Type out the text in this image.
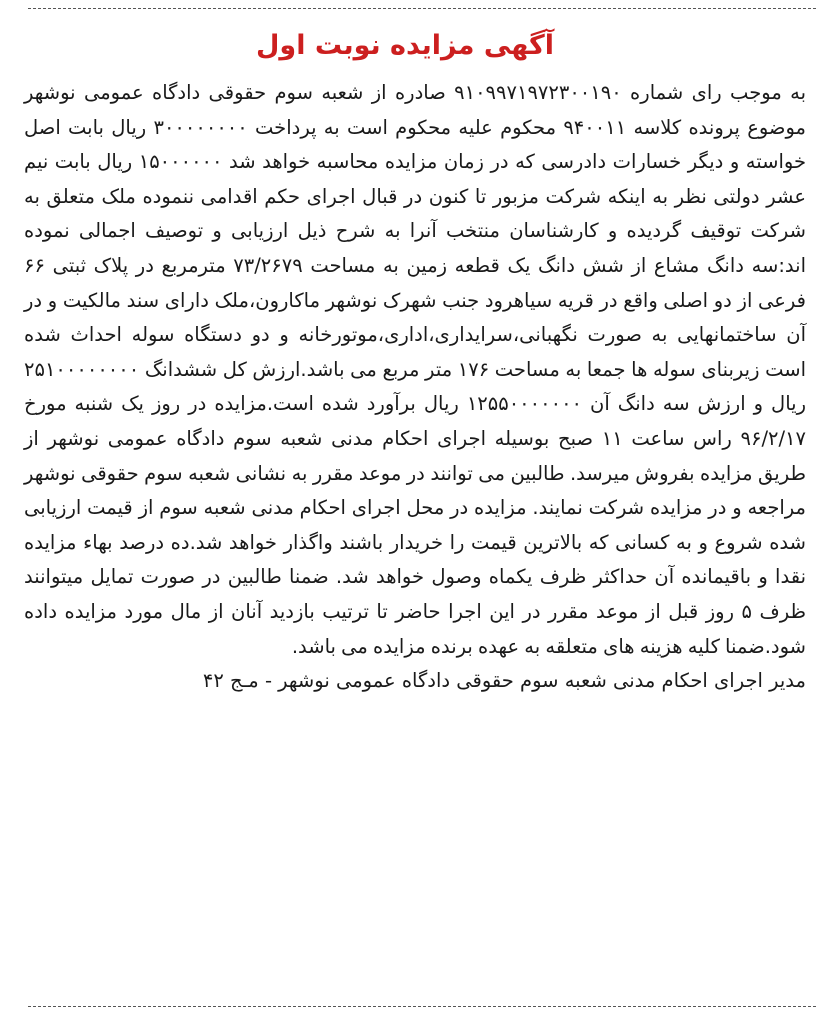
آگهی مزایده نوبت اول

به موجب رای شماره ۹۱۰۹۹۷۱۹۷۲۳۰۰۱۹۰ صادره از شعبه سوم حقوقی دادگاه عمومی نوشهر موضوع پرونده کلاسه ۹۴۰۰۱۱ محکوم علیه محکوم است به پرداخت ۳۰۰۰۰۰۰۰۰ ریال بابت اصل خواسته و دیگر خسارات دادرسی که در زمان مزایده محاسبه خواهد شد ۱۵۰۰۰۰۰۰ ریال بابت نیم عشر دولتی نظر به اینکه شرکت مزبور تا کنون در قبال اجرای حکم اقدامی ننموده ملک متعلق به شرکت توقیف گردیده و کارشناسان منتخب آنرا به شرح ذیل ارزیابی و توصیف اجمالی نموده اند:سه دانگ مشاع از شش دانگ یک قطعه زمین به مساحت ۷۳/۲۶۷۹ مترمربع در پلاک ثبتی ۶۶ فرعی از دو اصلی واقع در قریه سیاهرود جنب شهرک نوشهر ماکارون،ملک دارای سند مالکیت و در آن ساختمانهایی به صورت نگهبانی،سرایداری،اداری،موتورخانه و دو دستگاه سوله احداث شده است زیربنای سوله ها جمعا به مساحت ۱۷۶ متر مربع می باشد.ارزش کل ششدانگ ۲۵۱۰۰۰۰۰۰۰۰ ریال و ارزش سه دانگ آن ۱۲۵۵۰۰۰۰۰۰۰ ریال برآورد شده است.مزایده در روز یک شنبه مورخ ۹۶/۲/۱۷ راس ساعت ۱۱ صبح بوسیله اجرای احکام مدنی شعبه سوم دادگاه عمومی نوشهر از طریق مزایده بفروش میرسد. طالبین می توانند در موعد مقرر به نشانی شعبه سوم حقوقی نوشهر مراجعه و در مزایده شرکت نمایند. مزایده در محل اجرای احکام مدنی شعبه سوم از قیمت ارزیابی شده شروع و به کسانی که بالاترین قیمت را خریدار باشند واگذار خواهد شد.ده درصد بهاء مزایده نقدا و باقیمانده آن حداکثر ظرف یکماه وصول خواهد شد. ضمنا طالبین در صورت تمایل میتوانند ظرف ۵ روز قبل از موعد مقرر در این اجرا حاضر تا ترتیب بازدید آنان از مال مورد مزایده داده شود.ضمنا کلیه هزینه های متعلقه به عهده برنده مزایده می باشد.

مدیر اجرای احکام مدنی شعبه سوم حقوقی دادگاه عمومی نوشهر - مـج ۴۲
